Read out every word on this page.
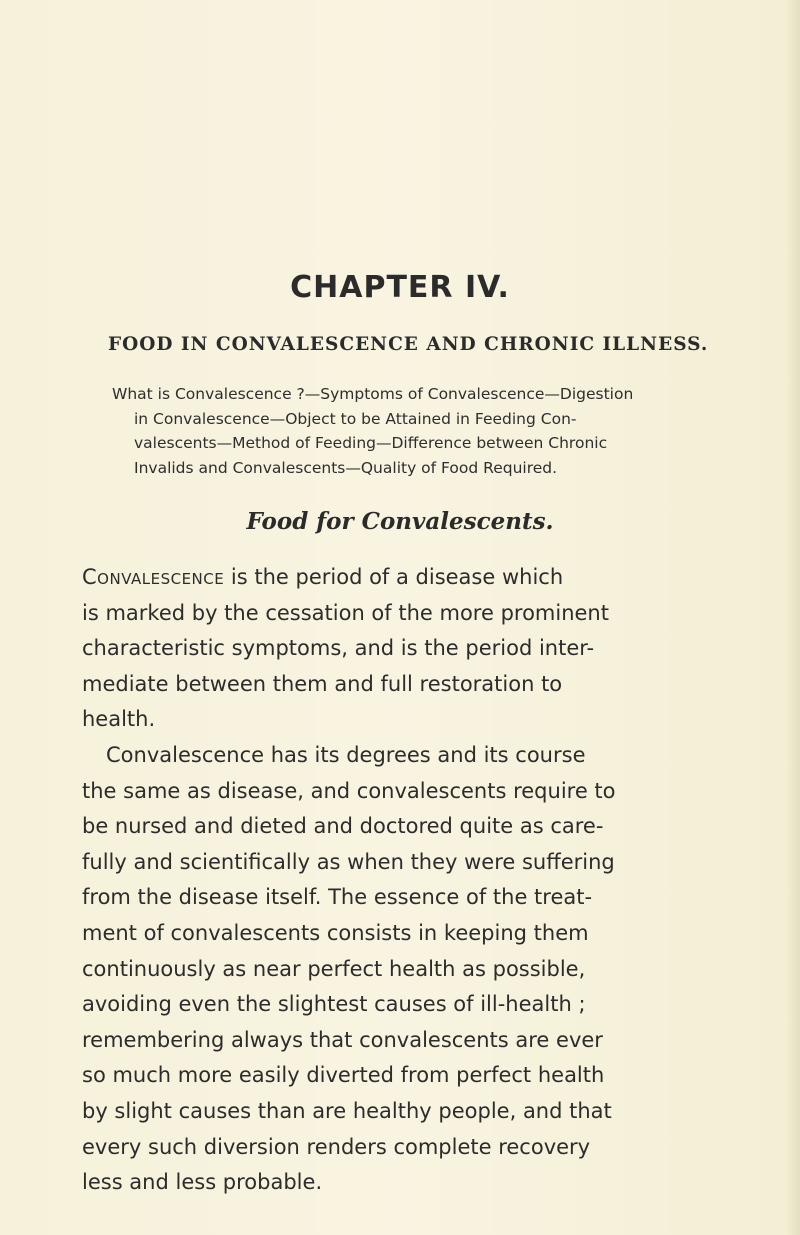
CHAPTER IV.
FOOD IN CONVALESCENCE AND CHRONIC ILLNESS.

What is Convalescence ?—Symptoms of Convalescence—Digestion
in Convalescence—Object to be Attained in Feeding Con-
valescents—Method of Feeding—Difference between Chronic
Invalids and Convalescents—Quality of Food Required.

Food for Convalescents.
Convalescence is the period of a disease which
is marked by the cessation of the more prominent
characteristic symptoms, and is the period inter-
mediate between them and full restoration to
health.
Convalescence has its degrees and its course
the same as disease, and convalescents require to
be nursed and dieted and doctored quite as care-
fully and scientifically as when they were suffering
from the disease itself. The essence of the treat-
ment of convalescents consists in keeping them
continuously as near perfect health as possible,
avoiding even the slightest causes of ill-health ;
remembering always that convalescents are ever
so much more easily diverted from perfect health
by slight causes than are healthy people, and that
every such diversion renders complete recovery
less and less probable.
